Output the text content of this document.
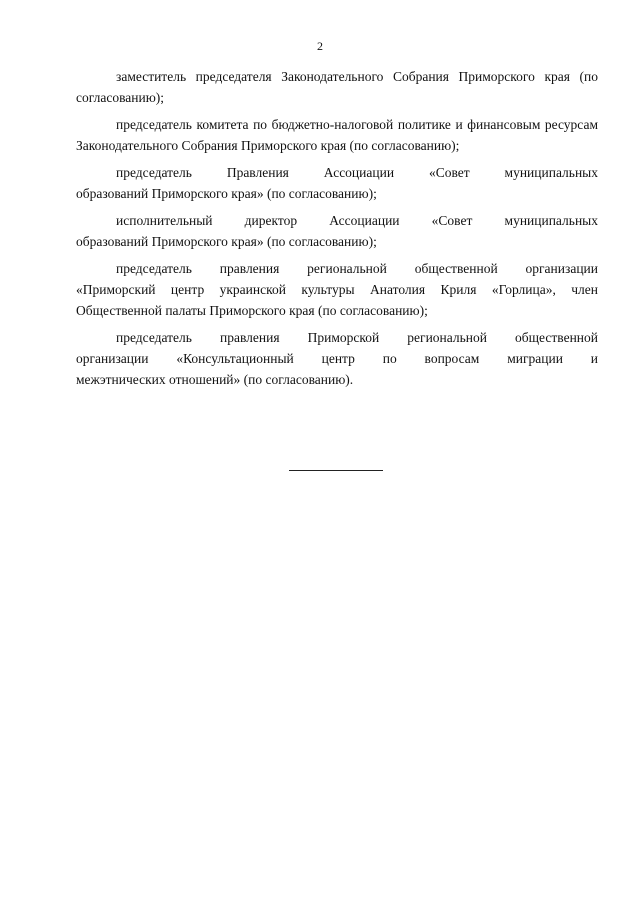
2

заместитель председателя Законодательного Собрания Приморского края (по согласованию);

председатель комитета по бюджетно-налоговой политике и финансовым ресурсам Законодательного Собрания Приморского края (по согласованию);

председатель Правления Ассоциации «Совет муниципальных

образований Приморского края» (по согласованию);

исполнительный директор Ассоциации «Совет муниципальных

образований Приморского края» (по согласованию);

председатель правления региональной общественной организации

«Приморский центр украинской культуры Анатолия Криля «Горлица», член Общественной палаты Приморского края (по согласованию);

председатель правления Приморской региональной общественной

организации «Консультационный центр по вопросам миграции и

межэтнических отношений» (по согласованию).
